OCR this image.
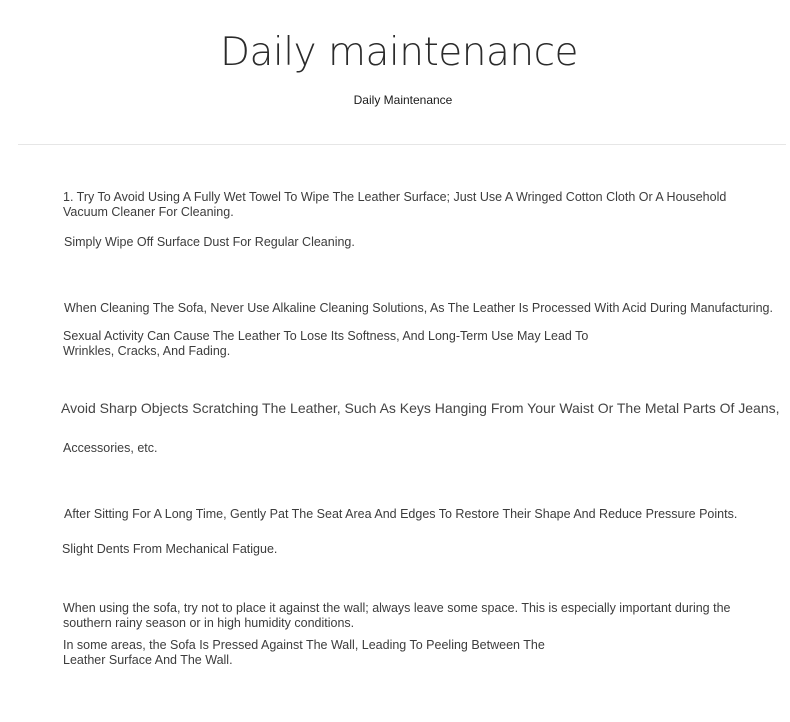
Daily maintenance
Daily Maintenance

1. Try To Avoid Using A Fully Wet Towel To Wipe The Leather Surface; Just Use A Wringed Cotton Cloth Or A Household Vacuum Cleaner For Cleaning.

Simply Wipe Off Surface Dust For Regular Cleaning.

When Cleaning The Sofa, Never Use Alkaline Cleaning Solutions, As The Leather Is Processed With Acid During Manufacturing.

Sexual Activity Can Cause The Leather To Lose Its Softness, And Long-Term Use May Lead To Wrinkles, Cracks, And Fading.

Avoid Sharp Objects Scratching The Leather, Such As Keys Hanging From Your Waist Or The Metal Parts Of Jeans,

Accessories, etc.

After Sitting For A Long Time, Gently Pat The Seat Area And Edges To Restore Their Shape And Reduce Pressure Points.

Slight Dents From Mechanical Fatigue.

When using the sofa, try not to place it against the wall; always leave some space. This is especially important during the southern rainy season or in high humidity conditions.

In some areas, the Sofa Is Pressed Against The Wall, Leading To Peeling Between The Leather Surface And The Wall.
